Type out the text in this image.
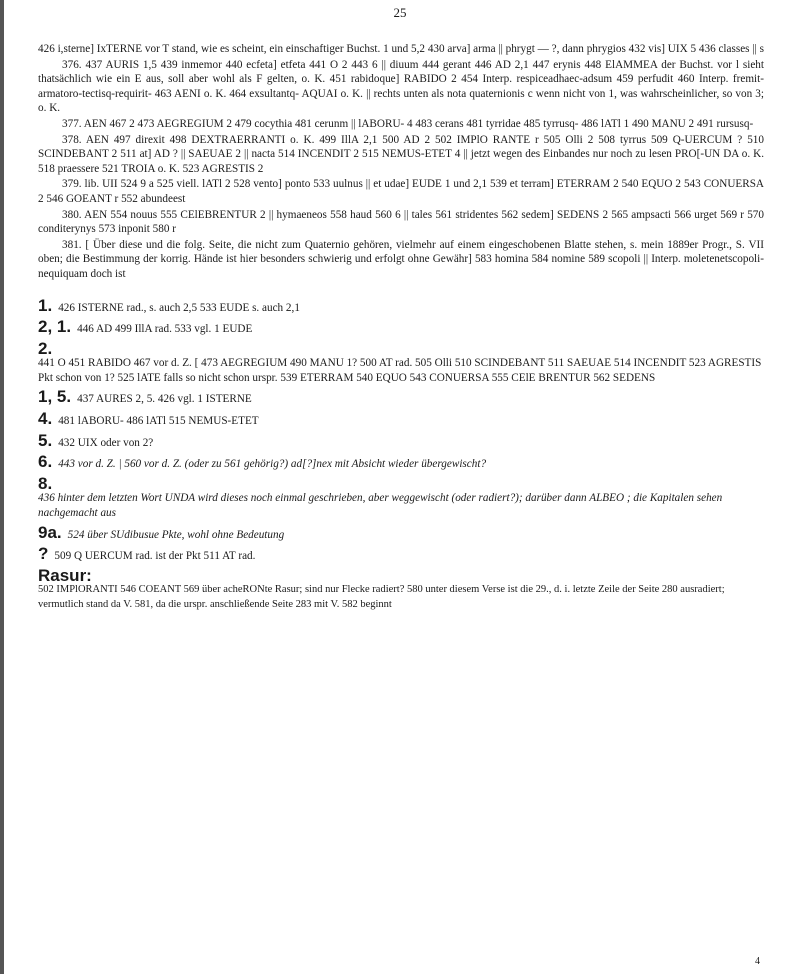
25

426 i,sterne] IxTERNE vor T stand, wie es scheint, ein einschaftiger Buchst. 1 und 5,2 430 arva] arma || phrygt — ?, dann phrygios 432 vis] UIX 5 436 classes || s

376. 437 AURIS 1,5 439 inmemor 440 ecfeta] etfeta 441 O 2 443 6 || diuum 444 gerant 446 AD 2,1 447 erynis 448 ElAMMEA der Buchst. vor l sieht thatsächlich wie ein E aus, soll aber wohl als F gelten, o. K. 451 rabidoque] RABIDO 2 454 Interp. respiceadhaec-adsum 459 perfudit 460 Interp. fremit-armatoro-tectisq-requirit- 463 AENI o. K. 464 exsultantq- AQUAI o. K. || rechts unten als nota quaternionis c wenn nicht von 1, was wahrscheinlicher, so von 3; o. K.

377. AEN 467 2 473 AEGREGIUM 2 479 cocythia 481 cerunm || lABORU- 4 483 cerans 481 tyrridae 485 tyrrusq- 486 lATl 1 490 MANU 2 491 rursusq-

378. AEN 497 direxit 498 DEXTRAERRANTI o. K. 499 IllA 2,1 500 AD 2 502 IMPlO RANTE r 505 Olli 2 508 tyrrus 509 Q-UERCUM ? 510 SCINDEBANT 2 511 at] AD ? || SAEUAE 2 || nacta 514 INCENDIT 2 515 NEMUS-ETET 4 || jetzt wegen des Einbandes nur noch zu lesen PRO[-UN DA o. K. 518 praessere 521 TROIA o. K. 523 AGRESTIS 2

379. lib. UII 524 9 a 525 viell. lATl 2 528 vento] ponto 533 uulnus || et udae] EUDE 1 und 2,1 539 et terram] ETERRAM 2 540 EQUO 2 543 CONUERSA 2 546 GOEANT r 552 abundeest

380. AEN 554 nouus 555 CElEBRENTUR 2 || hymaeneos 558 haud 560 6 || tales 561 stridentes 562 sedem] SEDENS 2 565 ampsacti 566 urget 569 r 570 conditerynys 573 inponit 580 r

381. [ Über diese und die folg. Seite, die nicht zum Quaternio gehören, vielmehr auf einem eingeschobenen Blatte stehen, s. mein 1889er Progr., S. VII oben; die Bestimmung der korrig. Hände ist hier besonders schwierig und erfolgt ohne Gewähr] 583 homina 584 nomine 589 scopoli || Interp. moletenetscopoli-nequiquam doch ist

1. 426 ISTERNE rad., s. auch 2,5 533 EUDE s. auch 2,1
2, 1. 446 AD 499 IllA rad. 533 vgl. 1 EUDE
2.
441 O 451 RABIDO 467 vor d. Z. [ 473 AEGREGIUM 490 MANU 1? 500 AT rad. 505 Olli 510 SCINDEBANT 511 SAEUAE 514 INCENDIT 523 AGRESTIS Pkt schon von 1? 525 lATE falls so nicht schon urspr. 539 ETERRAM 540 EQUO 543 CONUERSA 555 CElE BRENTUR 562 SEDENS
1, 5. 437 AURES 2, 5. 426 vgl. 1 ISTERNE
4. 481 lABORU- 486 lATl 515 NEMUS-ETET
5. 432 UIX oder von 2?
6. 443 vor d. Z. | 560 vor d. Z. (oder zu 561 gehörig?) ad[?]nex mit Absicht wieder übergewischt?
8.
436 hinter dem letzten Wort UNDA wird dieses noch einmal geschrieben, aber weggewischt (oder radiert?); darüber dann ALBEO ; die Kapitalen sehen nachgemacht aus
9a. 524 über SUdibusue Pkte, wohl ohne Bedeutung
? 509 Q UERCUM rad. ist der Pkt 511 AT rad.
Rasur:
502 IMPlORANTI 546 COEANT 569 über acheRONte Rasur; sind nur Flecke radiert? 580 unter diesem Verse ist die 29., d. i. letzte Zeile der Seite 280 ausradiert; vermutlich stand da V. 581, da die urspr. anschließende Seite 283 mit V. 582 beginnt
4
